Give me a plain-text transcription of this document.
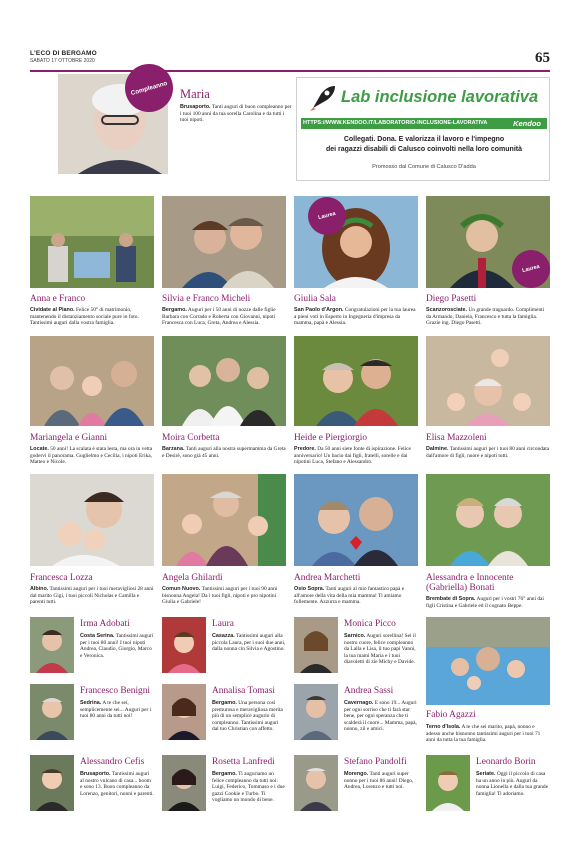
L'ECO DI BERGAMO
SABATO 17 OTTOBRE 2020	65
Compleanno Maria
Brusaporto. Tanti auguri di buon compleanno per i tuoi 100 anni da tua sorella Carolina e da tutti i tuoi nipoti.
Lab inclusione lavorativa
HTTPS://WWW.KENDOO.IT/LABORATORIO-INCLUSIONE-LAVORATIVA	Kendoo
Collegati. Dona. E valorizza il lavoro e l'impegno
dei ragazzi disabili di Calusco coinvolti nella loro comunità
Promosso dal Comune di Calusco D'adda
Laurea
Laurea
Anna e Franco
Cividate al Piano. Felice 50° di matrimonio, mantenendo il distanziamento sociale pure in foto. Tantissimi auguri dalla vostra famiglia.
Silvia e Franco Micheli
Bergamo. Auguri per i 50 anni di nozze dalle figlie Barbara con Corrado e Roberta con Giovanni, nipoti Francesca con Luca, Greta, Andrea e Alessia.
Giulia Sala
San Paolo d'Argon. Congratulazioni per la tua laurea a pieni voti in Esperto in Ingegneria d'impresa da mamma, papà e Alessia.
Diego Pasetti
Scanzorosciate. Un grande traguardo. Complimenti da Armando, Daniela, Francesco e tutta la famiglia. Grazie ing. Diego Pasetti.
Mariangela e Gianni
Locate. 50 anni! La scalata è stata lesta, ma ora in vetta godervi il panorama. Guglielmo e Cecilia, i nipoti Erika, Matteo e Nicole.
Moira Corbetta
Barzana. Tanti auguri alla nostra supermamma da Greta e Desirè, sono già 45 anni.
Heide e Piergiorgio
Predore. Da 50 anni siete fonte di ispirazione. Felice anniversario! Un bacio dai figli, fratelli, sorelle e dai nipotini Luca, Stefano e Alessandro.
Elisa Mazzoleni
Dalmine. Tantissimi auguri per i tuoi 80 anni circondata dall'amore di figli, nuore e nipoti tutti.
Francesca Lozza
Albino. Tantissimi auguri per i tuoi meravigliosi 28 anni dal marito Gigi, i tuoi piccoli Nicholas e Camilla e parenti tutti.
Angela Ghilardi
Comun Nuovo. Tantissimi auguri per i tuoi 90 anni bisnonna Angela! Da i tuoi figli, nipoti e pro nipotini Giulia e Gabriele!
Andrea Marchetti
Osio Sopra. Tanti auguri al mio fantastico papà e all'amore della vita della mia mamma! Ti amiamo follemente. Azzurra e mamma.
Alessandra e Innocente (Gabriella) Bonati
Brembate di Sopra. Auguri per i vostri 76° anni dai figli Cristina e Gabriele ed il cognato Beppe.
Irma Adobati
Costa Serina. Tantissimi auguri per i tuoi 80 anni! I tuoi nipoti Andrea, Claudio, Giorgio, Marco e Veronica.
Laura
Casazza. Tantissimi auguri alla piccola Laura, per i suoi due anni, dalla nonna cin Silvia e Agostino.
Monica Picco
Sarnico. Auguri sorellina! Sei il nostro cuore, felice compleanno da Lalla e Lisa, il tuo papi Vanni, la tua mami Maria e i tuoi diavoletti di zie Michy e Davide.
Francesco Benigni
Sedrina. A te che sei, semplicemente sei... Auguri per i tuoi 80 anni da tutti noi!
Annalisa Tomasi
Bergamo. Una persona così premurosa e meravigliosa merita più di un semplice augurio di compleanno. Tantissimi auguri dal tuo Christian con affetto.
Andrea Sassi
Cavernago. E sono 19... Auguri per ogni sorriso che ti farà star bene, per ogni speranza che ti scalderà il cuore... Mamma, papà, nonno, zii e amici.
Fabio Agazzi
Terno d'Isola. A te che sei marito, papà, nonno e adesso anche bisnonno tantissimi auguri per i tuoi 71 anni da tutta la tua famiglia.
Alessandro Cefis
Brusaporto. Tantissimi auguri al nostro vulcano di casa... boom e sono 13. Buon compleanno da Lorenzo, genitori, nonni e parenti.
Rosetta Lanfredi
Bergamo. Ti auguriamo un felice compleanno da tutti noi: Luigi, Federico, Tommaso e i due gazzi Cookie e Turbo. Ti vogliamo un mondo di bene.
Stefano Pandolfi
Morengo. Tanti auguri super nonno per i tuoi 86 anni! Diego, Andrea, Lorenzo e tutti noi.
Leonardo Borin
Seriate. Oggi il piccolo di casa ha un anno in più. Auguri da nonna Lionella e dalla tua grande famiglia! Ti adoriamo.
